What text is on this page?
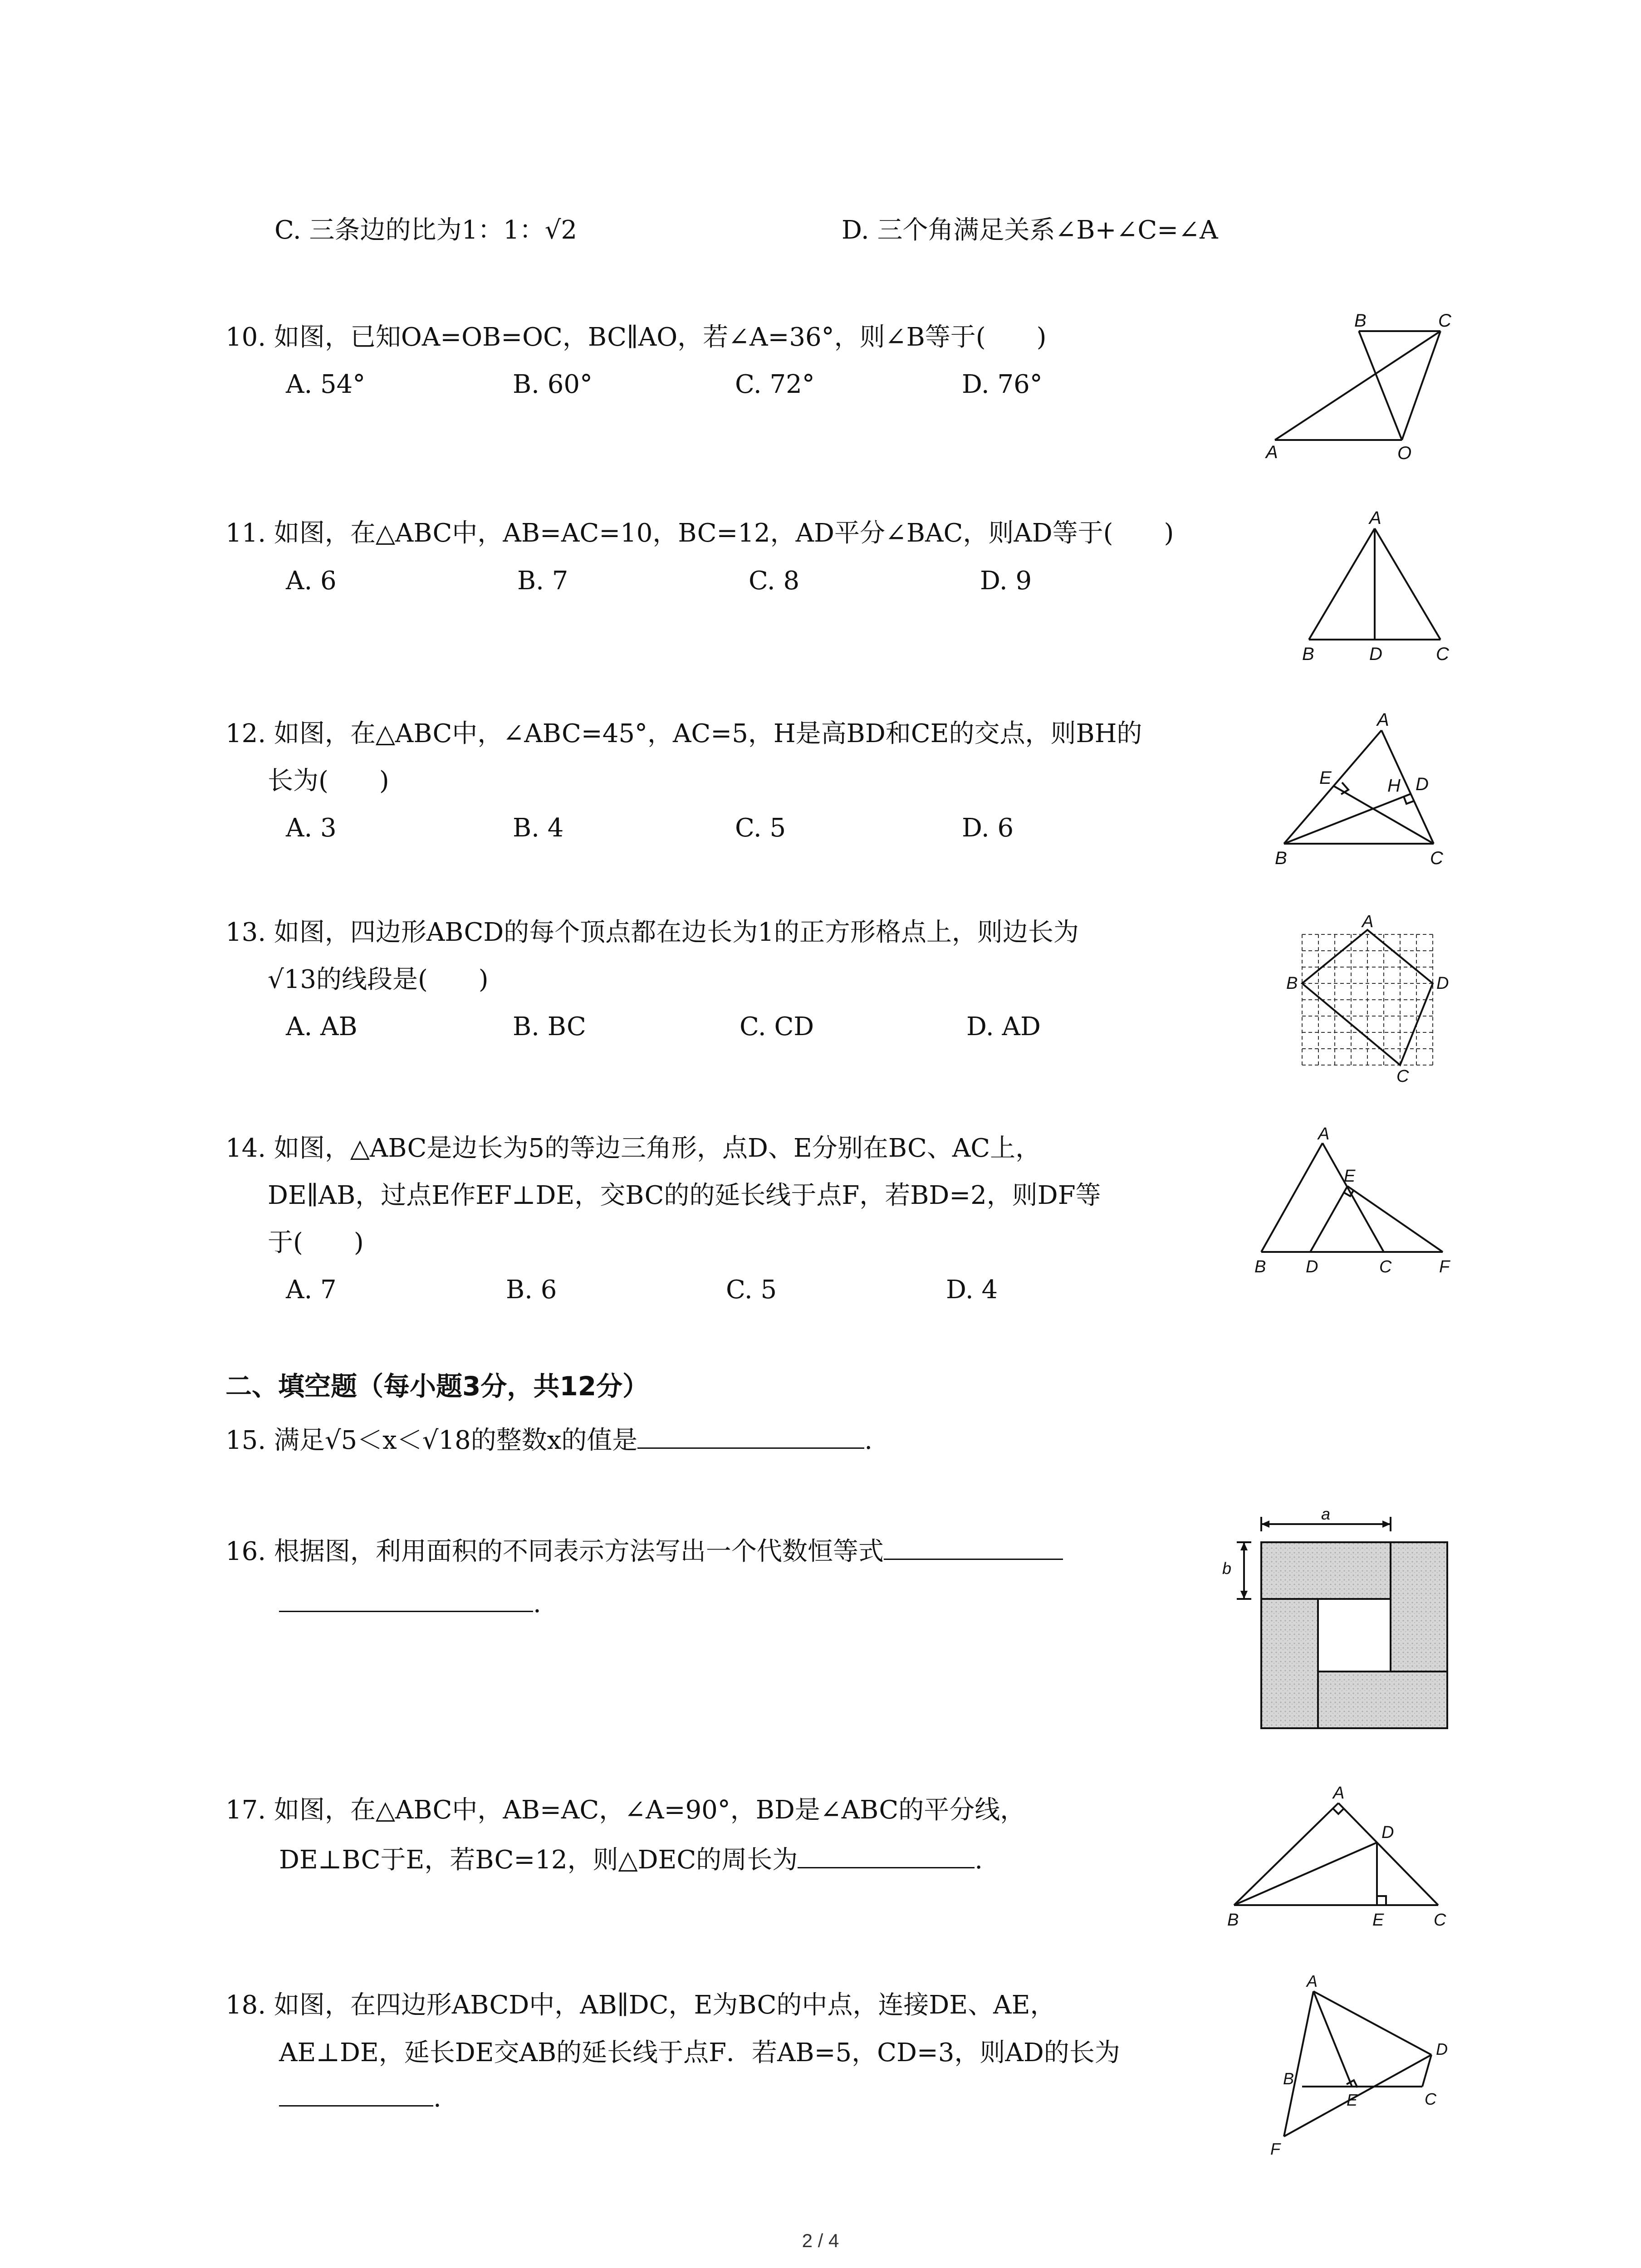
C. 三条边的比为1：1：√2	D. 三个角满足关系∠B+∠C=∠A
10. 如图，已知OA=OB=OC，BC∥AO，若∠A=36°，则∠B等于(　　)
A. 54°	B. 60°	C. 72°	D. 76°
B	C
A	O
11. 如图，在△ABC中，AB=AC=10，BC=12，AD平分∠BAC，则AD等于(　　)
A. 6	B. 7	C. 8	D. 9
A
B	D	C
12. 如图，在△ABC中，∠ABC=45°，AC=5，H是高BD和CE的交点，则BH的
长为(　　)
A. 3	B. 4	C. 5	D. 6
A
E	H D
B	C
13. 如图，四边形ABCD的每个顶点都在边长为1的正方形格点上，则边长为
√13的线段是(　　)
A. AB	B. BC	C. CD	D. AD
A
B	D
C
14. 如图，△ABC是边长为5的等边三角形，点D、E分别在BC、AC上，
DE∥AB，过点E作EF⊥DE，交BC的的延长线于点F，若BD=2，则DF等
于(　　)
A. 7	B. 6	C. 5	D. 4
A
E
B D	C	F
二、填空题（每小题3分，共12分）
15. 满足√5＜x＜√18的整数x的值是	.
16. 根据图，利用面积的不同表示方法写出一个代数恒等式
.
a
b
17. 如图，在△ABC中，AB=AC，∠A=90°，BD是∠ABC的平分线，
DE⊥BC于E，若BC=12，则△DEC的周长为	.
A
D
B	E	C
18. 如图，在四边形ABCD中，AB∥DC，E为BC的中点，连接DE、AE，
AE⊥DE，延长DE交AB的延长线于点F．若AB=5，CD=3，则AD的长为
.
A
D
B
E	C
F
2 / 4
